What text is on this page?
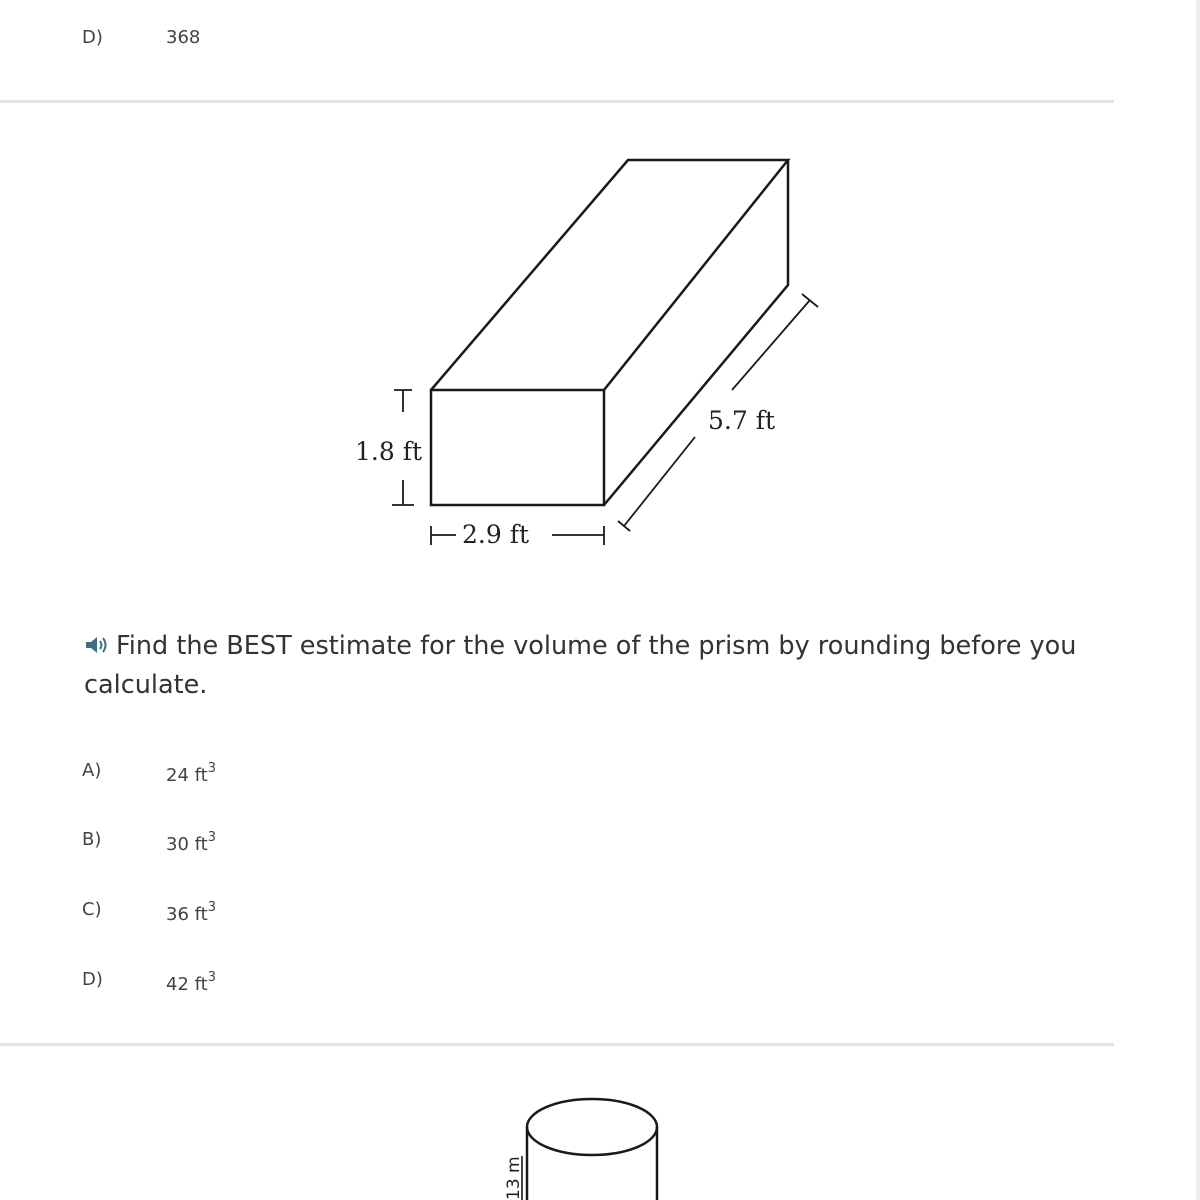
D)	368
1.8 ft
2.9 ft
5.7 ft
Find the BEST estimate for the volume of the prism by rounding before you calculate.
A)	24 $ft^3$
B)	30 $ft^3$
C)	36 $ft^3$
D)	42 $ft^3$
13 m
